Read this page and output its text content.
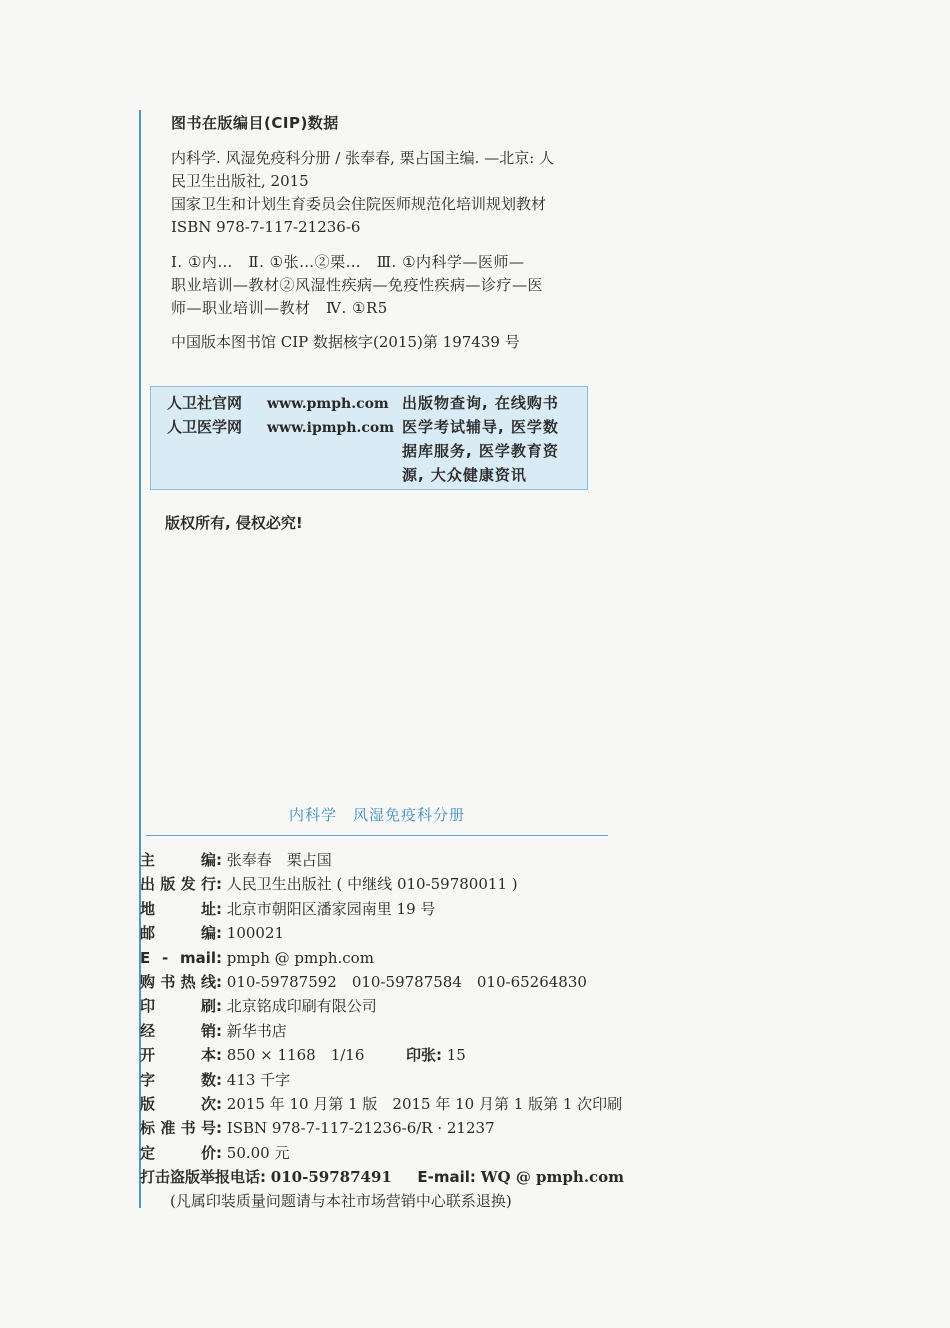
图书在版编目(CIP)数据

内科学. 风湿免疫科分册 / 张奉春, 栗占国主编. —北京: 人

民卫生出版社, 2015

国家卫生和计划生育委员会住院医师规范化培训规划教材

ISBN 978-7-117-21236-6

Ⅰ. ①内…　Ⅱ. ①张…②栗…　Ⅲ. ①内科学—医师—

职业培训—教材②风湿性疾病—免疫性疾病—诊疗—医

师—职业培训—教材　Ⅳ. ①R5

中国版本图书馆 CIP 数据核字(2015)第 197439 号

人卫社官网 www.pmph.com
人卫医学网 www.ipmph.com
出版物查询, 在线购书
医学考试辅导, 医学数
据库服务, 医学教育资
源, 大众健康资讯
版权所有, 侵权必究!
内科学　风湿免疫科分册
主　　编: 张奉春　栗占国
出版发行: 人民卫生出版社 ( 中继线 010-59780011 )
地　　址: 北京市朝阳区潘家园南里 19 号
邮　　编: 100021
E - mail: pmph @ pmph.com
购书热线: 010-59787592　010-59787584　010-65264830
印　　刷: 北京铭成印刷有限公司
经　　销: 新华书店
开　　本: 850 × 1168　1/16	印张: 15
字　　数: 413 千字
版　　次: 2015 年 10 月第 1 版　2015 年 10 月第 1 版第 1 次印刷
标准书号: ISBN 978-7-117-21236-6/R · 21237
定　　价: 50.00 元
打击盗版举报电话: 010-59787491 E-mail: WQ @ pmph.com
(凡属印装质量问题请与本社市场营销中心联系退换)
